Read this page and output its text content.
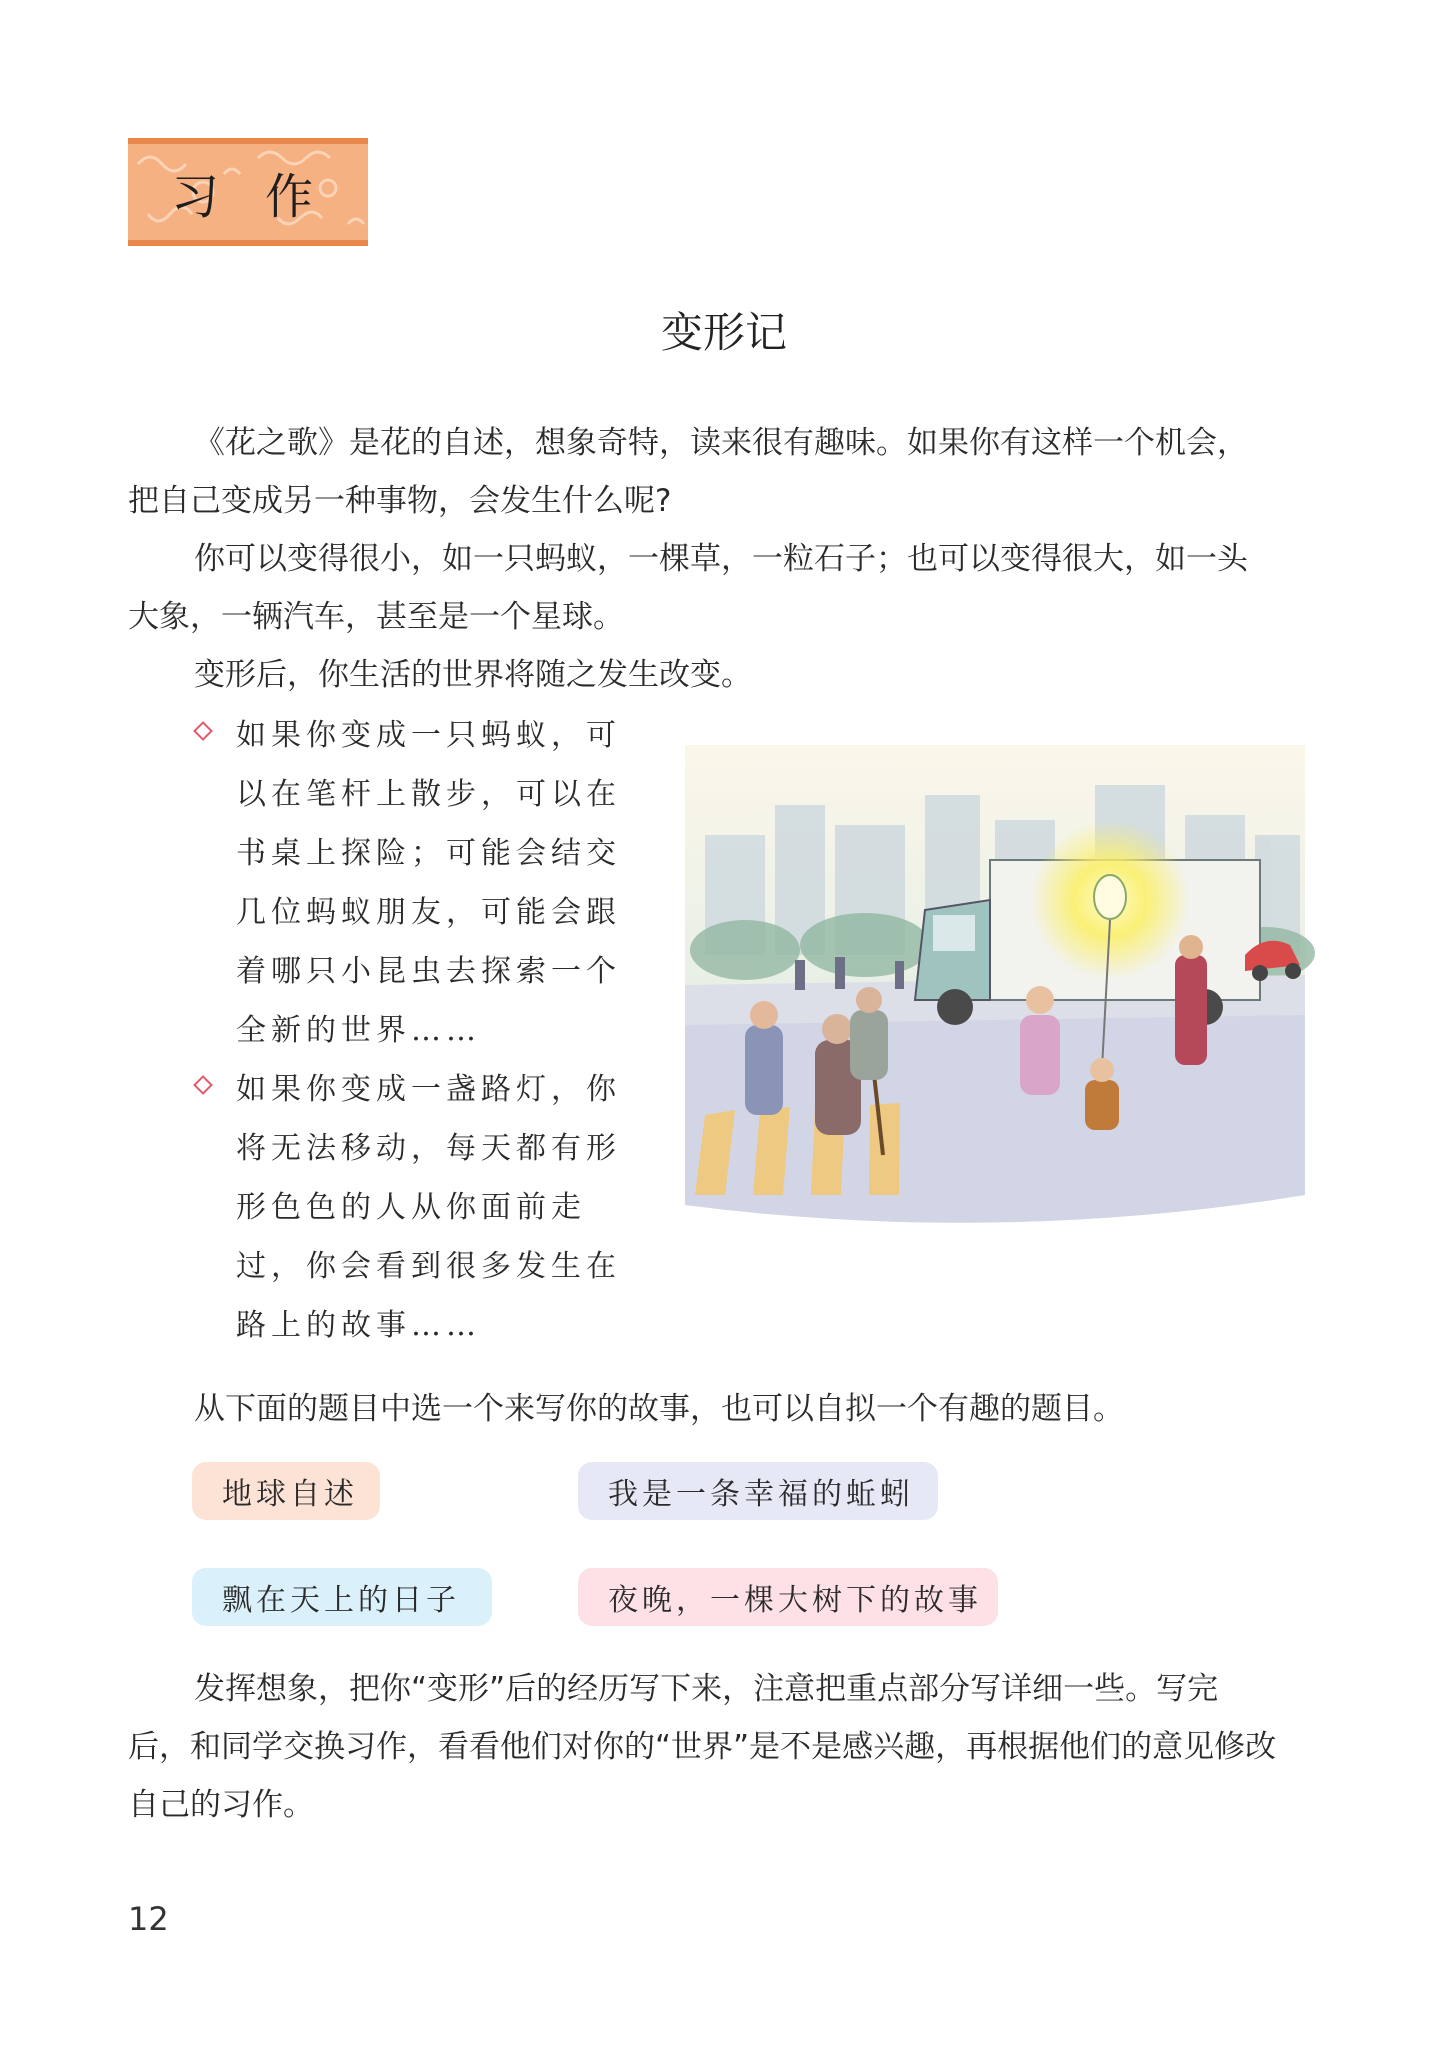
习作
变形记

《花之歌》是花的自述，想象奇特，读来很有趣味。如果你有这样一个机会，把自己变成另一种事物，会发生什么呢?

你可以变得很小，如一只蚂蚁，一棵草，一粒石子；也可以变得很大，如一头大象，一辆汽车，甚至是一个星球。

变形后，你生活的世界将随之发生改变。

如果你变成一只蚂蚁，可以在笔杆上散步，可以在书桌上探险；可能会结交几位蚂蚁朋友，可能会跟着哪只小昆虫去探索一个全新的世界……
如果你变成一盏路灯，你将无法移动，每天都有形形色色的人从你面前走过，你会看到很多发生在路上的故事……

从下面的题目中选一个来写你的故事，也可以自拟一个有趣的题目。

地球自述	我是一条幸福的蚯蚓
飘在天上的日子	夜晚，一棵大树下的故事

发挥想象，把你“变形”后的经历写下来，注意把重点部分写详细一些。写完后，和同学交换习作，看看他们对你的“世界”是不是感兴趣，再根据他们的意见修改自己的习作。

12
